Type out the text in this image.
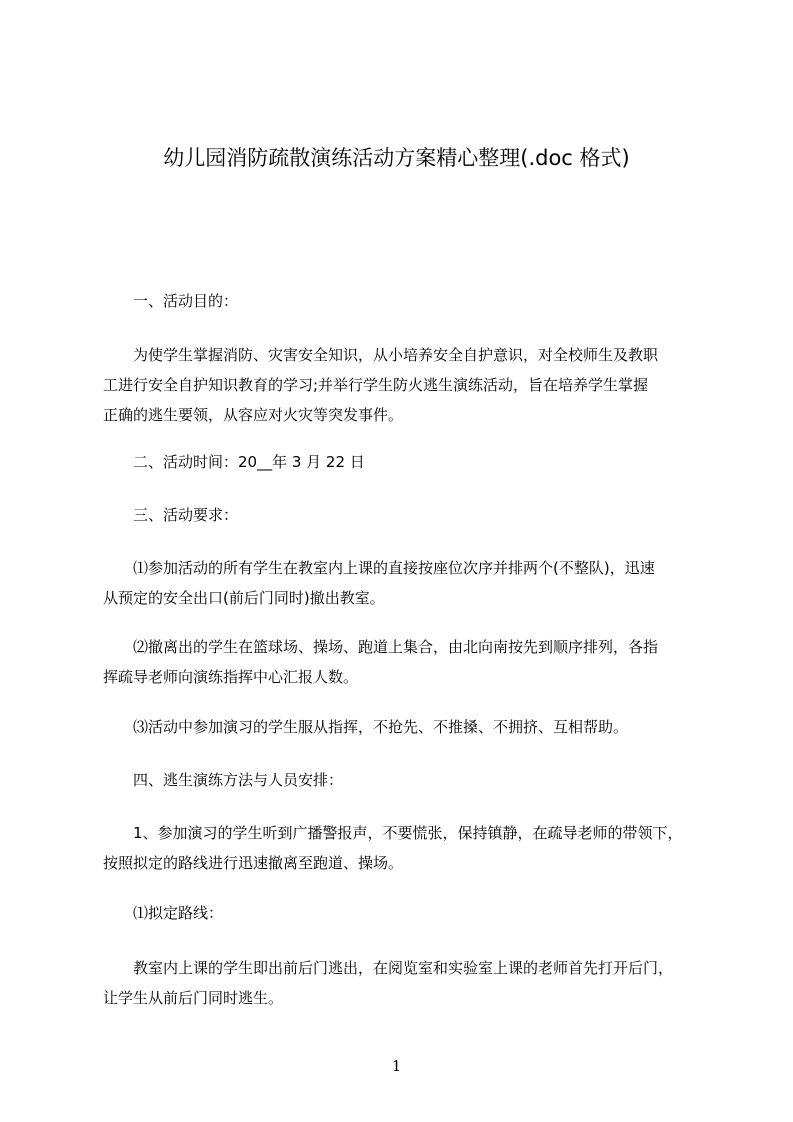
幼儿园消防疏散演练活动方案精心整理(.doc 格式)
　　一、活动目的：
　　为使学生掌握消防、灾害安全知识，从小培养安全自护意识，对全校师生及教职
工进行安全自护知识教育的学习;并举行学生防火逃生演练活动，旨在培养学生掌握
正确的逃生要领，从容应对火灾等突发事件。
　　二、活动时间：20__年 3 月 22 日
　　三、活动要求：
　　⑴参加活动的所有学生在教室内上课的直接按座位次序并排两个(不整队)，迅速
从预定的安全出口(前后门同时)撤出教室。
　　⑵撤离出的学生在篮球场、操场、跑道上集合，由北向南按先到顺序排列，各指
挥疏导老师向演练指挥中心汇报人数。
　　⑶活动中参加演习的学生服从指挥，不抢先、不推搡、不拥挤、互相帮助。
　　四、逃生演练方法与人员安排：
　　1、参加演习的学生听到广播警报声，不要慌张，保持镇静，在疏导老师的带领下，
按照拟定的路线进行迅速撤离至跑道、操场。
　　⑴拟定路线：
　　教室内上课的学生即出前后门逃出，在阅览室和实验室上课的老师首先打开后门，
让学生从前后门同时逃生。
1
